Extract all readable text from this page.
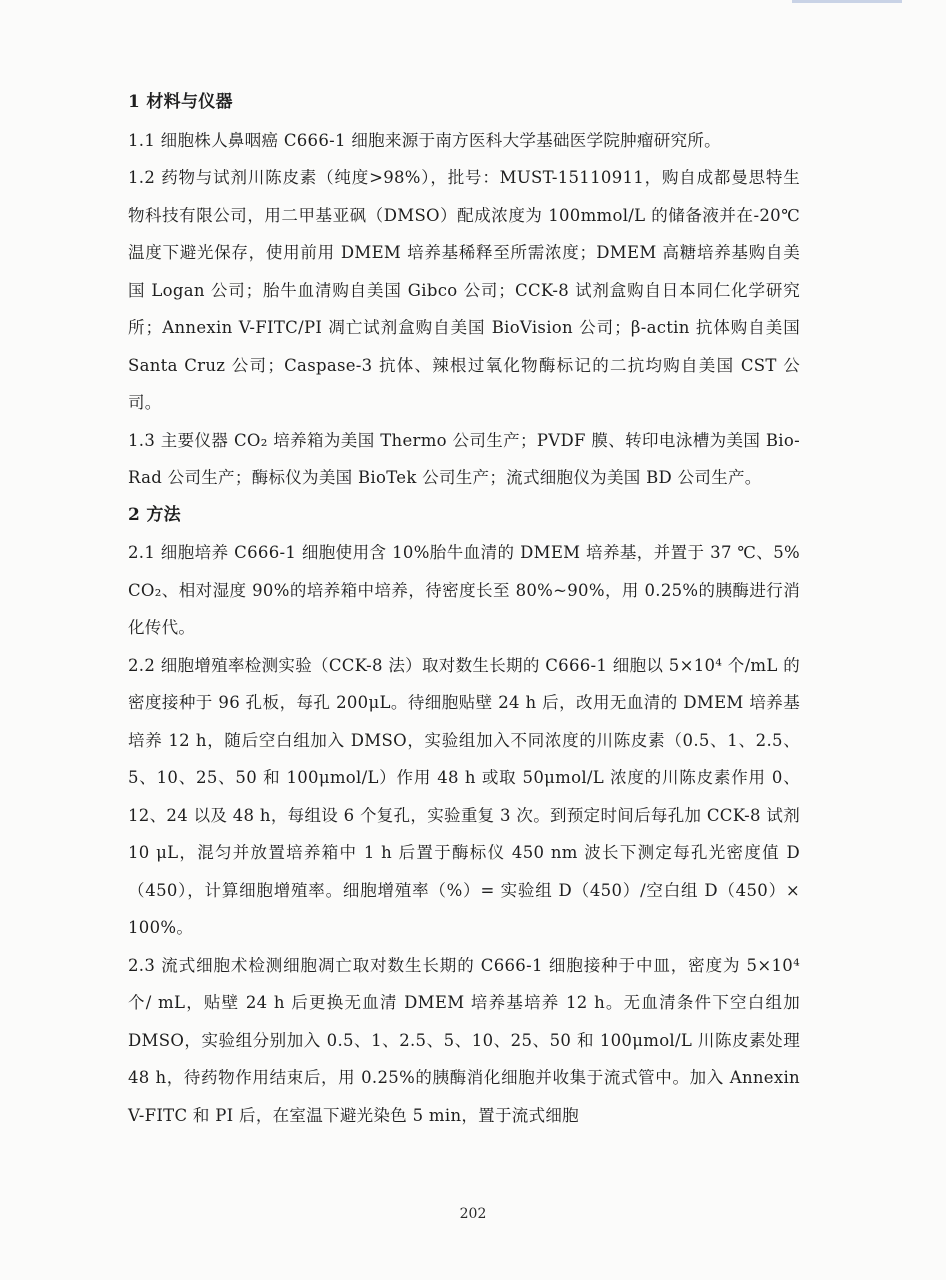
1 材料与仪器
1.1 细胞株人鼻咽癌 C666-1 细胞来源于南方医科大学基础医学院肿瘤研究所。
1.2 药物与试剂川陈皮素（纯度>98%），批号：MUST-15110911，购自成都曼思特生物科技有限公司，用二甲基亚砜（DMSO）配成浓度为 100mmol/L 的储备液并在-20℃温度下避光保存，使用前用 DMEM 培养基稀释至所需浓度；DMEM 高糖培养基购自美国 Logan 公司；胎牛血清购自美国 Gibco 公司；CCK-8 试剂盒购自日本同仁化学研究所；Annexin V-FITC/PI 凋亡试剂盒购自美国 BioVision 公司；β-actin 抗体购自美国 Santa Cruz 公司；Caspase-3 抗体、辣根过氧化物酶标记的二抗均购自美国 CST 公司。
1.3 主要仪器 CO₂ 培养箱为美国 Thermo 公司生产；PVDF 膜、转印电泳槽为美国 Bio-Rad 公司生产；酶标仪为美国 BioTek 公司生产；流式细胞仪为美国 BD 公司生产。
2 方法
2.1 细胞培养 C666-1 细胞使用含 10%胎牛血清的 DMEM 培养基，并置于 37 ℃、5% CO₂、相对湿度 90%的培养箱中培养，待密度长至 80%~90%，用 0.25%的胰酶进行消化传代。
2.2 细胞增殖率检测实验（CCK-8 法）取对数生长期的 C666-1 细胞以 5×10⁴ 个/mL 的密度接种于 96 孔板，每孔 200μL。待细胞贴壁 24 h 后，改用无血清的 DMEM 培养基培养 12 h，随后空白组加入 DMSO，实验组加入不同浓度的川陈皮素（0.5、1、2.5、5、10、25、50 和 100μmol/L）作用 48 h 或取 50μmol/L 浓度的川陈皮素作用 0、12、24 以及 48 h，每组设 6 个复孔，实验重复 3 次。到预定时间后每孔加 CCK-8 试剂 10 μL，混匀并放置培养箱中 1 h 后置于酶标仪 450 nm 波长下测定每孔光密度值 D（450），计算细胞增殖率。细胞增殖率（%）= 实验组 D（450）/空白组 D（450）× 100%。
2.3 流式细胞术检测细胞凋亡取对数生长期的 C666-1 细胞接种于中皿，密度为 5×10⁴ 个/ mL，贴壁 24 h 后更换无血清 DMEM 培养基培养 12 h。无血清条件下空白组加 DMSO，实验组分别加入 0.5、1、2.5、5、10、25、50 和 100μmol/L 川陈皮素处理 48 h，待药物作用结束后，用 0.25%的胰酶消化细胞并收集于流式管中。加入 Annexin V-FITC 和 PI 后，在室温下避光染色 5 min，置于流式细胞
202
